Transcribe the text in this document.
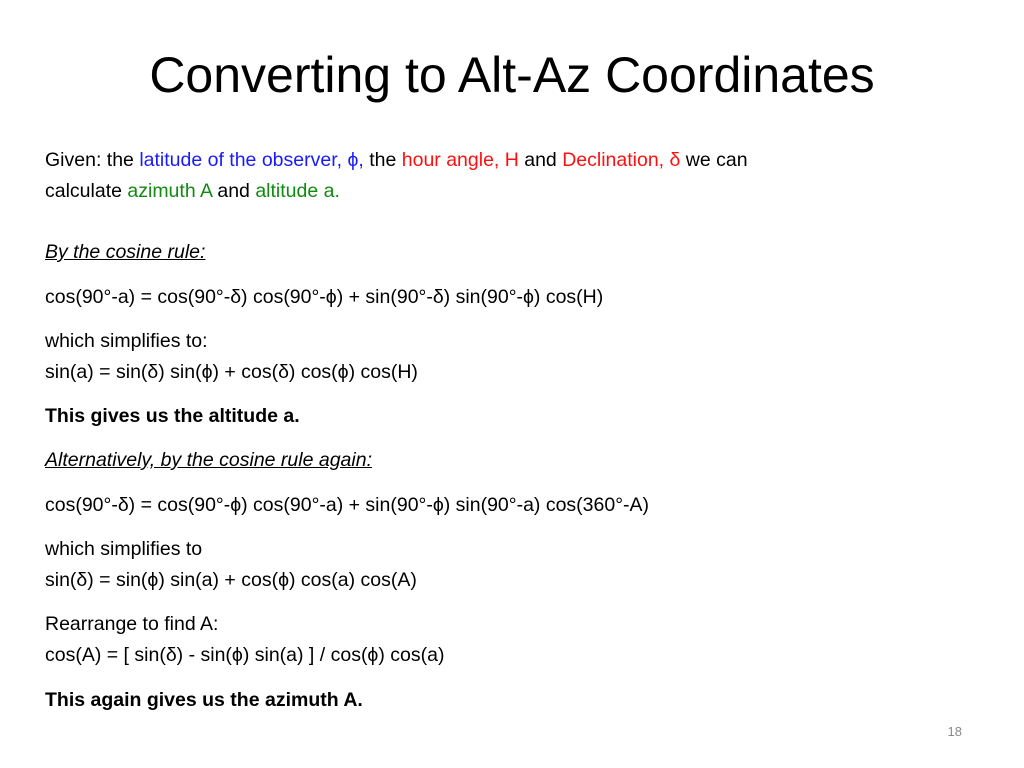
Converting to Alt-Az Coordinates
Given: the latitude of the observer, ϕ, the hour angle, H and Declination, δ we can
calculate azimuth A and altitude a.
By the cosine rule:
cos(90°-a) = cos(90°-δ) cos(90°-ϕ) + sin(90°-δ) sin(90°-ϕ) cos(H)
which simplifies to:
sin(a) = sin(δ) sin(ϕ) + cos(δ) cos(ϕ) cos(H)
This gives us the altitude a.
Alternatively, by the cosine rule again:
cos(90°-δ) = cos(90°-ϕ) cos(90°-a) + sin(90°-ϕ) sin(90°-a) cos(360°-A)
which simplifies to
sin(δ) = sin(ϕ) sin(a) + cos(ϕ) cos(a) cos(A)
Rearrange to find A:
cos(A) = [ sin(δ) - sin(ϕ) sin(a) ] / cos(ϕ) cos(a)
This again gives us the azimuth A.
18
